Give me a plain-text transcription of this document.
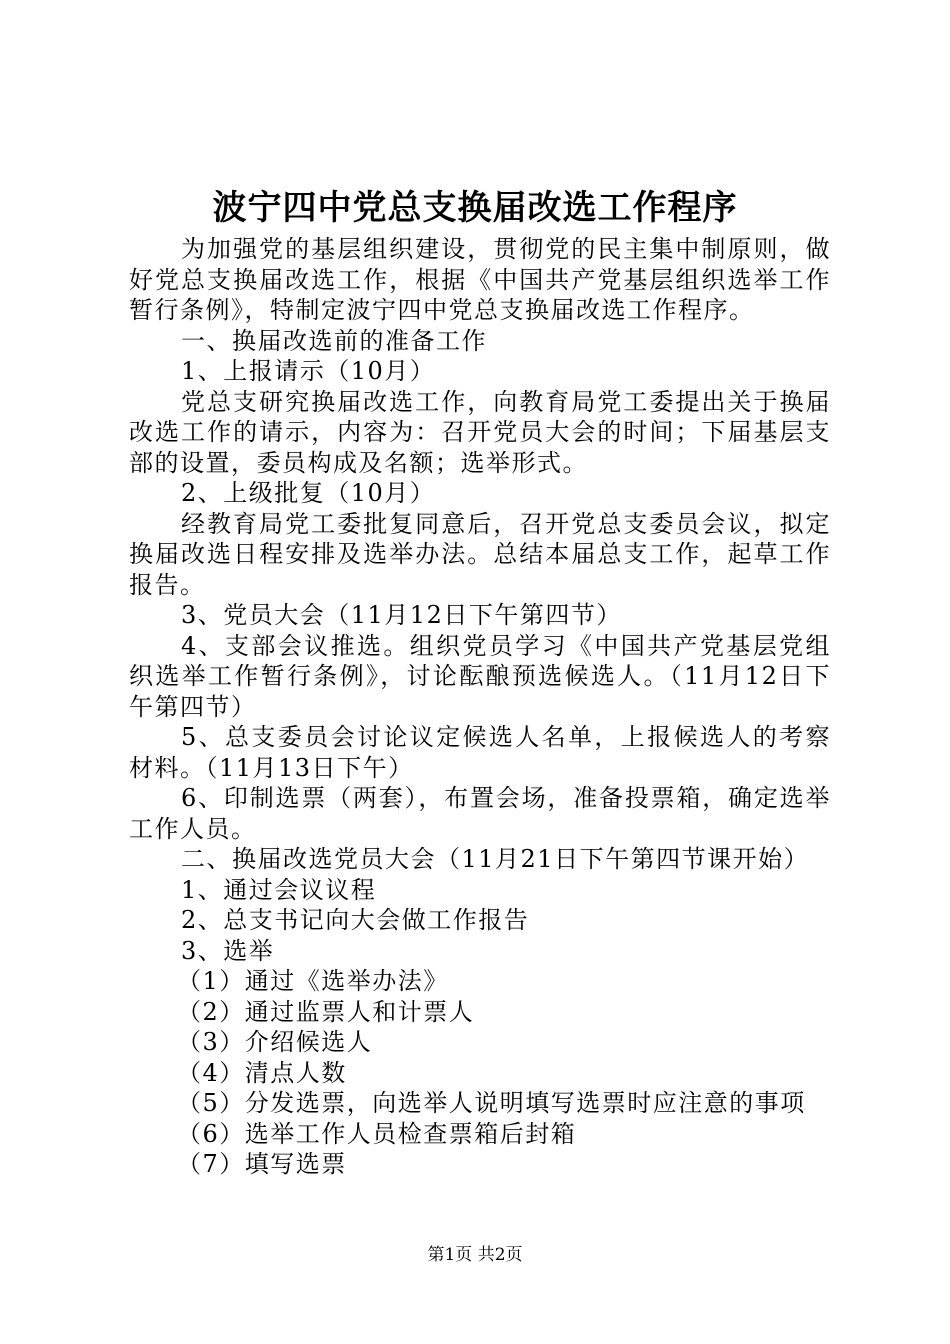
波宁四中党总支换届改选工作程序

为加强党的基层组织建设，贯彻党的民主集中制原则，做好党总支换届改选工作，根据《中国共产党基层组织选举工作暂行条例》，特制定波宁四中党总支换届改选工作程序。

一、换届改选前的准备工作

1、上报请示（10月）

党总支研究换届改选工作，向教育局党工委提出关于换届改选工作的请示，内容为：召开党员大会的时间；下届基层支部的设置，委员构成及名额；选举形式。

2、上级批复（10月）

经教育局党工委批复同意后，召开党总支委员会议，拟定换届改选日程安排及选举办法。总结本届总支工作，起草工作报告。

3、党员大会（11月12日下午第四节）

4、支部会议推选。组织党员学习《中国共产党基层党组织选举工作暂行条例》，讨论酝酿预选候选人。（11月12日下午第四节）

5、总支委员会讨论议定候选人名单，上报候选人的考察材料。（11月13日下午）

6、印制选票（两套），布置会场，准备投票箱，确定选举工作人员。

二、换届改选党员大会（11月21日下午第四节课开始）

1、通过会议议程

2、总支书记向大会做工作报告

3、选举

（1）通过《选举办法》

（2）通过监票人和计票人

（3）介绍候选人

（4）清点人数

（5）分发选票，向选举人说明填写选票时应注意的事项

（6）选举工作人员检查票箱后封箱

（7）填写选票

第1页 共2页
